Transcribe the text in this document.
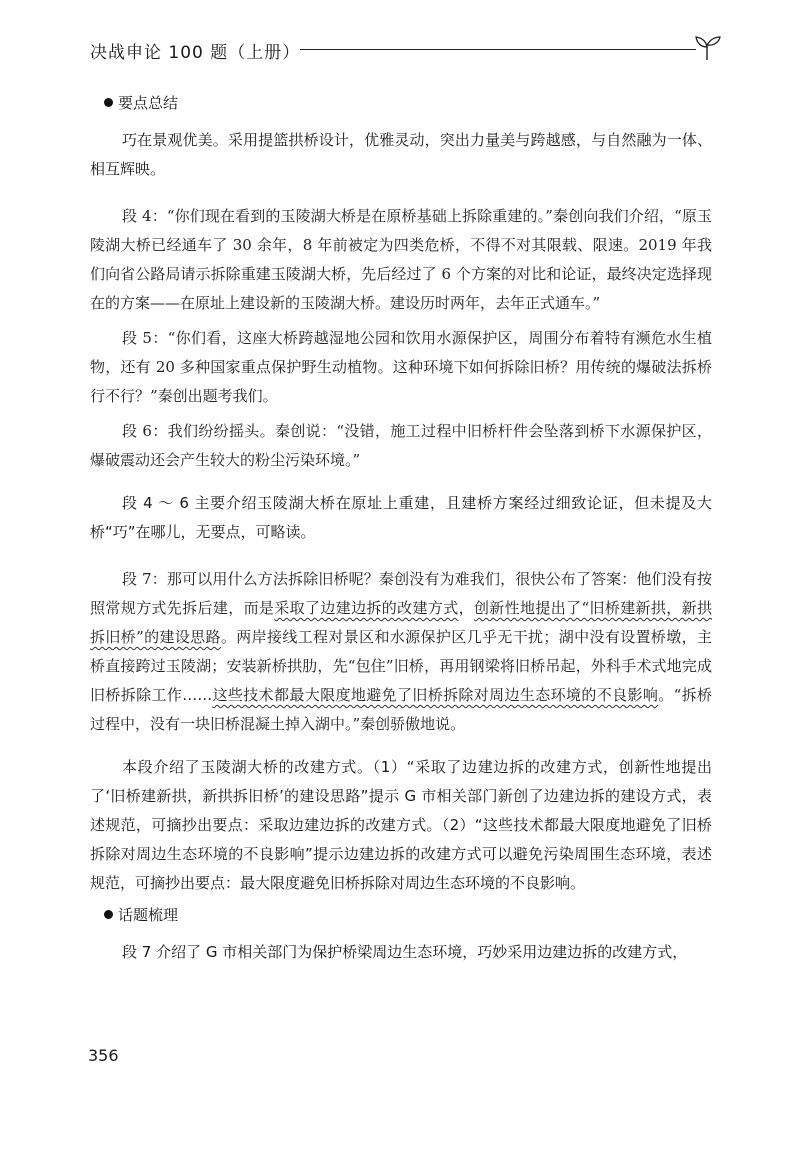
决战申论 100 题（上册）
要点总结

巧在景观优美。采用提篮拱桥设计，优雅灵动，突出力量美与跨越感，与自然融为一体、相互辉映。

段 4：“你们现在看到的玉陵湖大桥是在原桥基础上拆除重建的。”秦创向我们介绍，“原玉陵湖大桥已经通车了 30 余年，8 年前被定为四类危桥，不得不对其限载、限速。2019 年我们向省公路局请示拆除重建玉陵湖大桥，先后经过了 6 个方案的对比和论证，最终决定选择现在的方案——在原址上建设新的玉陵湖大桥。建设历时两年，去年正式通车。”

段 5：“你们看，这座大桥跨越湿地公园和饮用水源保护区，周围分布着特有濒危水生植物，还有 20 多种国家重点保护野生动植物。这种环境下如何拆除旧桥？用传统的爆破法拆桥行不行？”秦创出题考我们。

段 6：我们纷纷摇头。秦创说：“没错，施工过程中旧桥杆件会坠落到桥下水源保护区，爆破震动还会产生较大的粉尘污染环境。”

段 4 ～ 6 主要介绍玉陵湖大桥在原址上重建，且建桥方案经过细致论证，但未提及大桥“巧”在哪儿，无要点，可略读。

段 7：那可以用什么方法拆除旧桥呢？秦创没有为难我们，很快公布了答案：他们没有按照常规方式先拆后建，而是采取了边建边拆的改建方式，创新性地提出了“旧桥建新拱，新拱拆旧桥”的建设思路。两岸接线工程对景区和水源保护区几乎无干扰；湖中没有设置桥墩，主桥直接跨过玉陵湖；安装新桥拱肋，先“包住”旧桥，再用钢梁将旧桥吊起，外科手术式地完成旧桥拆除工作……这些技术都最大限度地避免了旧桥拆除对周边生态环境的不良影响。“拆桥过程中，没有一块旧桥混凝土掉入湖中。”秦创骄傲地说。

本段介绍了玉陵湖大桥的改建方式。（1）“采取了边建边拆的改建方式，创新性地提出了‘旧桥建新拱，新拱拆旧桥’的建设思路”提示 G 市相关部门新创了边建边拆的建设方式，表述规范，可摘抄出要点：采取边建边拆的改建方式。（2）“这些技术都最大限度地避免了旧桥拆除对周边生态环境的不良影响”提示边建边拆的改建方式可以避免污染周围生态环境，表述规范，可摘抄出要点：最大限度避免旧桥拆除对周边生态环境的不良影响。

话题梳理

段 7 介绍了 G 市相关部门为保护桥梁周边生态环境，巧妙采用边建边拆的改建方式，

356
